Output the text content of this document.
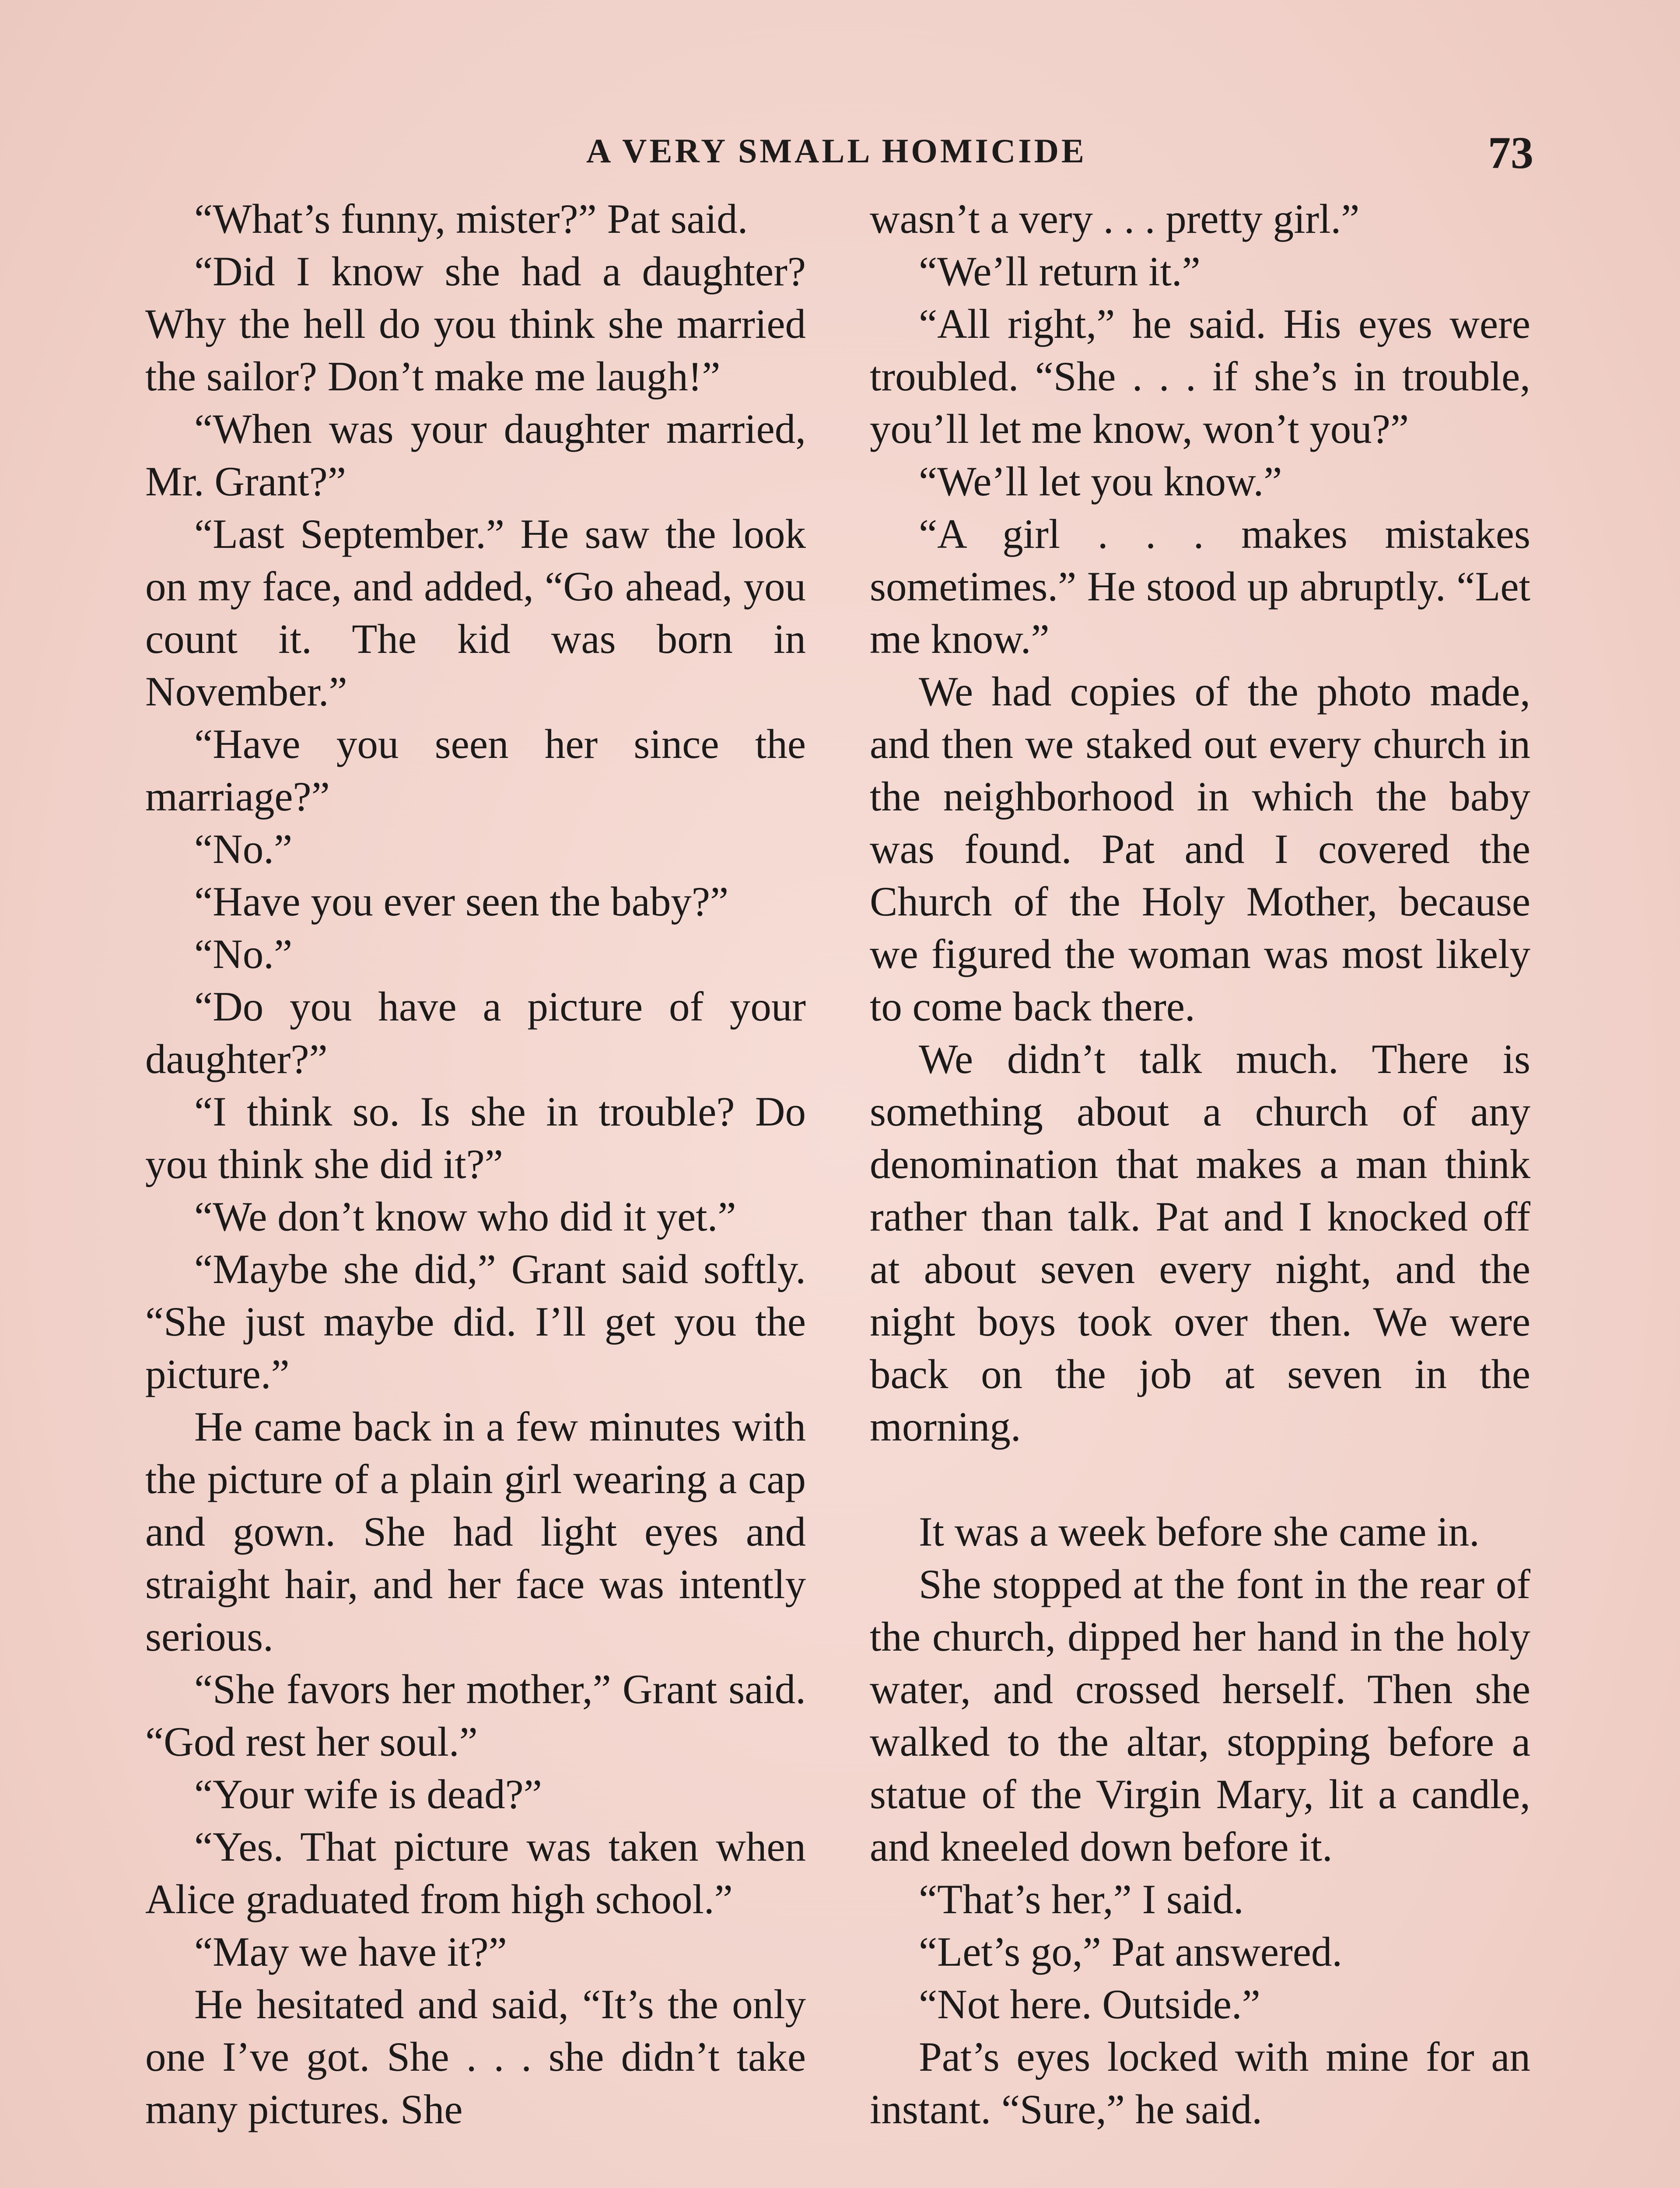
A VERY SMALL HOMICIDE	73

“What’s funny, mister?” Pat said.

“Did I know she had a daughter? Why the hell do you think she married the sailor? Don’t make me laugh!”

“When was your daughter married, Mr. Grant?”

“Last September.” He saw the look on my face, and added, “Go ahead, you count it. The kid was born in November.”

“Have you seen her since the marriage?”

“No.”

“Have you ever seen the baby?”

“No.”

“Do you have a picture of your daughter?”

“I think so. Is she in trouble? Do you think she did it?”

“We don’t know who did it yet.”

“Maybe she did,” Grant said softly. “She just maybe did. I’ll get you the picture.”

He came back in a few minutes with the picture of a plain girl wearing a cap and gown. She had light eyes and straight hair, and her face was intently serious.

“She favors her mother,” Grant said. “God rest her soul.”

“Your wife is dead?”

“Yes. That picture was taken when Alice graduated from high school.”

“May we have it?”

He hesitated and said, “It’s the only one I’ve got. She . . . she didn’t take many pictures. She

wasn’t a very . . . pretty girl.”

“We’ll return it.”

“All right,” he said. His eyes were troubled. “She . . . if she’s in trouble, you’ll let me know, won’t you?”

“We’ll let you know.”

“A girl . . . makes mistakes sometimes.” He stood up abruptly. “Let me know.”

We had copies of the photo made, and then we staked out every church in the neighborhood in which the baby was found. Pat and I covered the Church of the Holy Mother, because we figured the woman was most likely to come back there.

We didn’t talk much. There is something about a church of any denomination that makes a man think rather than talk. Pat and I knocked off at about seven every night, and the night boys took over then. We were back on the job at seven in the morning.

It was a week before she came in.

She stopped at the font in the rear of the church, dipped her hand in the holy water, and crossed herself. Then she walked to the altar, stopping before a statue of the Virgin Mary, lit a candle, and kneeled down before it.

“That’s her,” I said.

“Let’s go,” Pat answered.

“Not here. Outside.”

Pat’s eyes locked with mine for an instant. “Sure,” he said.
